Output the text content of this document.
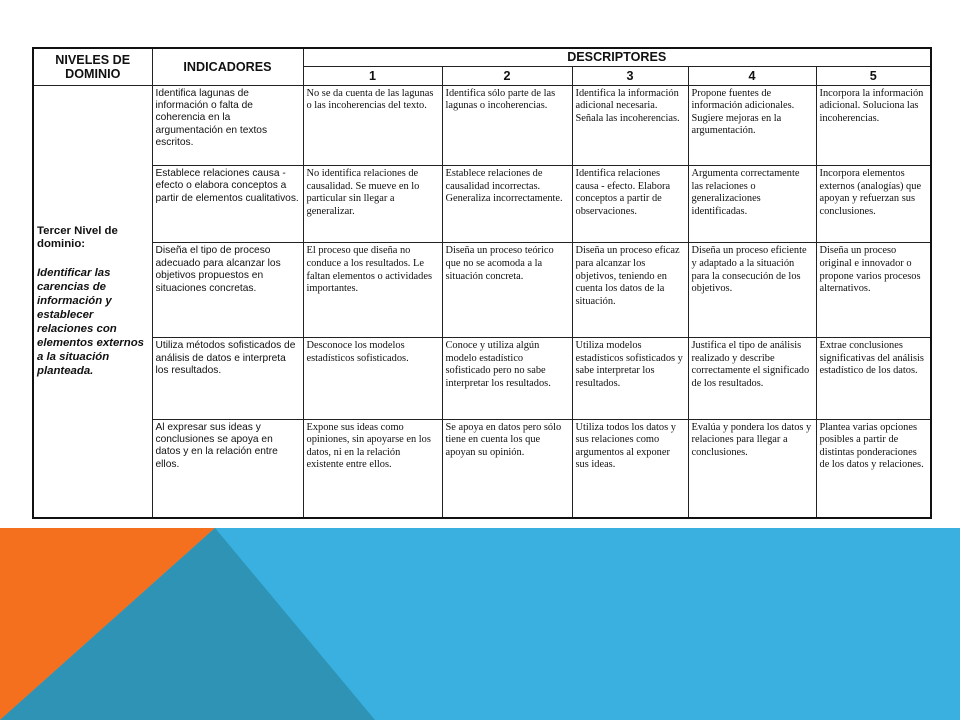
NIVELES DE DOMINIO	INDICADORES	DESCRIPTORES				
		1	2	3	4	5

Tercer Nivel de dominio:
Identificar las carencias de información y establecer relaciones con elementos externos a la situación planteada.	Identifica lagunas de información o falta de coherencia en la argumentación en textos escritos.	No se da cuenta de las lagunas o las incoherencias del texto.	Identifica sólo parte de las lagunas o incoherencias.	Identifica la información adicional necesaria. Señala las incoherencias.	Propone fuentes de información adicionales. Sugiere mejoras en la argumentación.	Incorpora la información adicional. Soluciona las incoherencias.
	Establece relaciones causa - efecto o elabora conceptos a partir de elementos cualitativos.	No identifica relaciones de causalidad. Se mueve en lo particular sin llegar a generalizar.	Establece relaciones de causalidad incorrectas. Generaliza incorrectamente.	Identifica relaciones causa - efecto. Elabora conceptos a partir de observaciones.	Argumenta correctamente las relaciones o generalizaciones identificadas.	Incorpora elementos externos (analogías) que apoyan y refuerzan sus conclusiones.
	Diseña el tipo de proceso adecuado para alcanzar los objetivos propuestos en situaciones concretas.	El proceso que diseña no conduce a los resultados. Le faltan elementos o actividades importantes.	Diseña un proceso teórico que no se acomoda a la situación concreta.	Diseña un proceso eficaz para alcanzar los objetivos, teniendo en cuenta los datos de la situación.	Diseña un proceso eficiente y adaptado a la situación para la consecución de los objetivos.	Diseña un proceso original e innovador o propone varios procesos alternativos.
	Utiliza métodos sofisticados de análisis de datos e interpreta los resultados.	Desconoce los modelos estadísticos sofisticados.	Conoce y utiliza algún modelo estadístico sofisticado pero no sabe interpretar los resultados.	Utiliza modelos estadísticos sofisticados y sabe interpretar los resultados.	Justifica el tipo de análisis realizado y describe correctamente el significado de los resultados.	Extrae conclusiones significativas del análisis estadístico de los datos.
	Al expresar sus ideas y conclusiones se apoya en datos y en la relación entre ellos.	Expone sus ideas como opiniones, sin apoyarse en los datos, ni en la relación existente entre ellos.	Se apoya en datos pero sólo tiene en cuenta los que apoyan su opinión.	Utiliza todos los datos y sus relaciones como argumentos al exponer sus ideas.	Evalúa y pondera los datos y relaciones para llegar a conclusiones.	Plantea varias opciones posibles a partir de distintas ponderaciones de los datos y relaciones.
